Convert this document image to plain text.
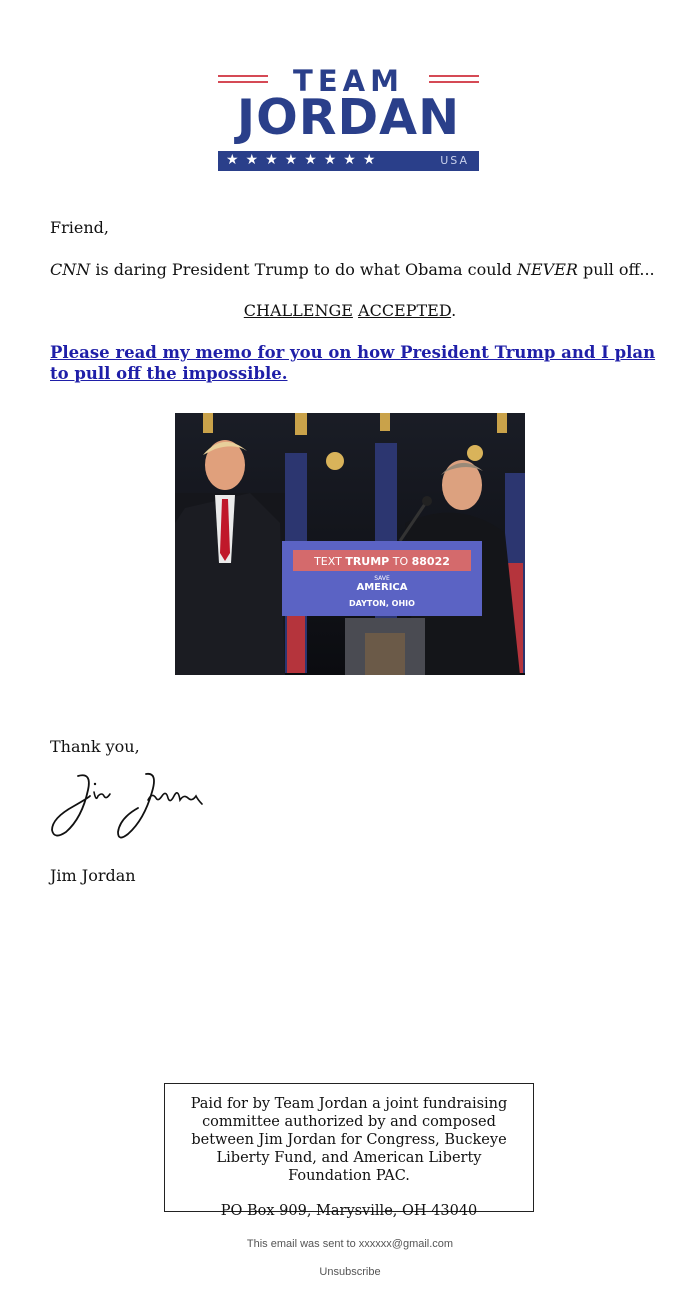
TEAM
JORDAN
★★★★★★★★	USA
Friend,
CNN is daring President Trump to do what Obama could NEVER pull off...
CHALLENGE ACCEPTED.
Please read my memo for you on how President Trump and I plan to pull off the impossible.
TEXT TRUMP TO 88022
SAVE
AMERICA
DAYTON, OHIO
Thank you,
Jim Jordan
Paid for by Team Jordan a joint fundraising committee authorized by and composed between Jim Jordan for Congress, Buckeye Liberty Fund, and American Liberty Foundation PAC.
PO Box 909, Marysville, OH 43040
This email was sent to xxxxxx@gmail.com
Unsubscribe
